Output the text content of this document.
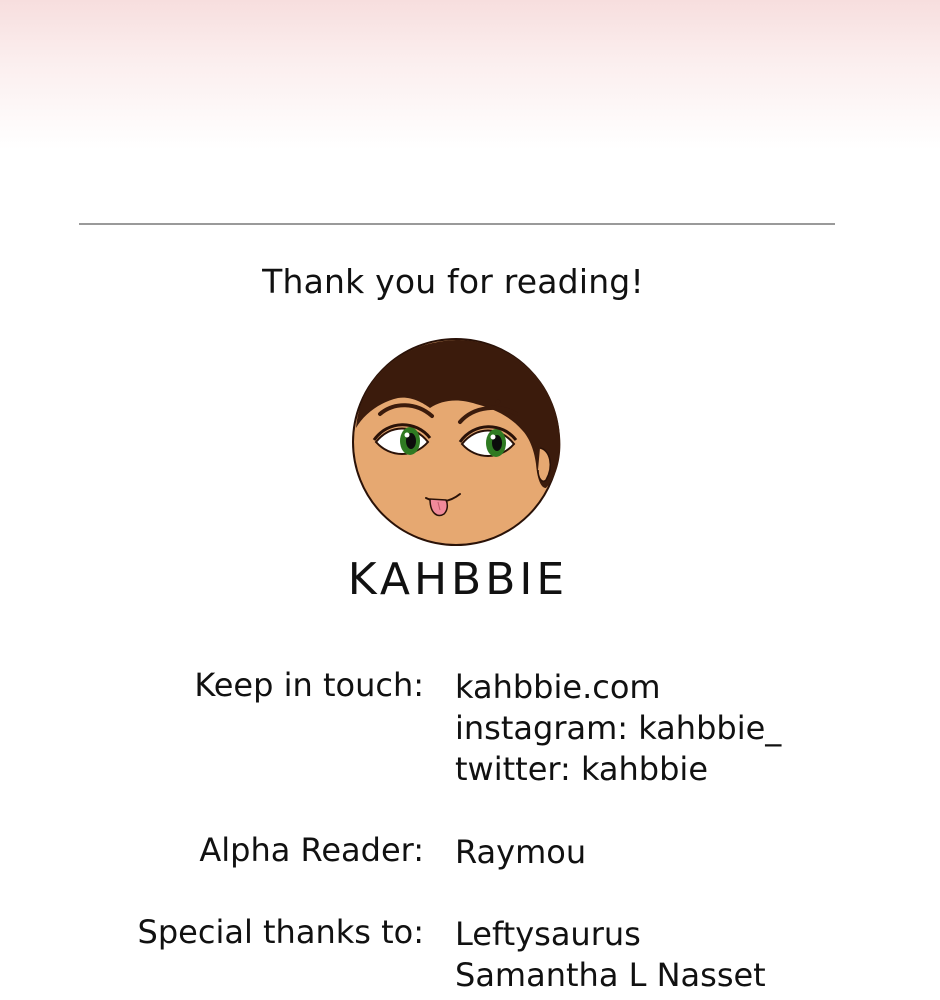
Thank you for reading!
KAHBBIE
Keep in touch: kahbbie.com
instagram: kahbbie_
twitter: kahbbie
Alpha Reader: Raymou
Special thanks to: Leftysaurus
Samantha L Nasset
